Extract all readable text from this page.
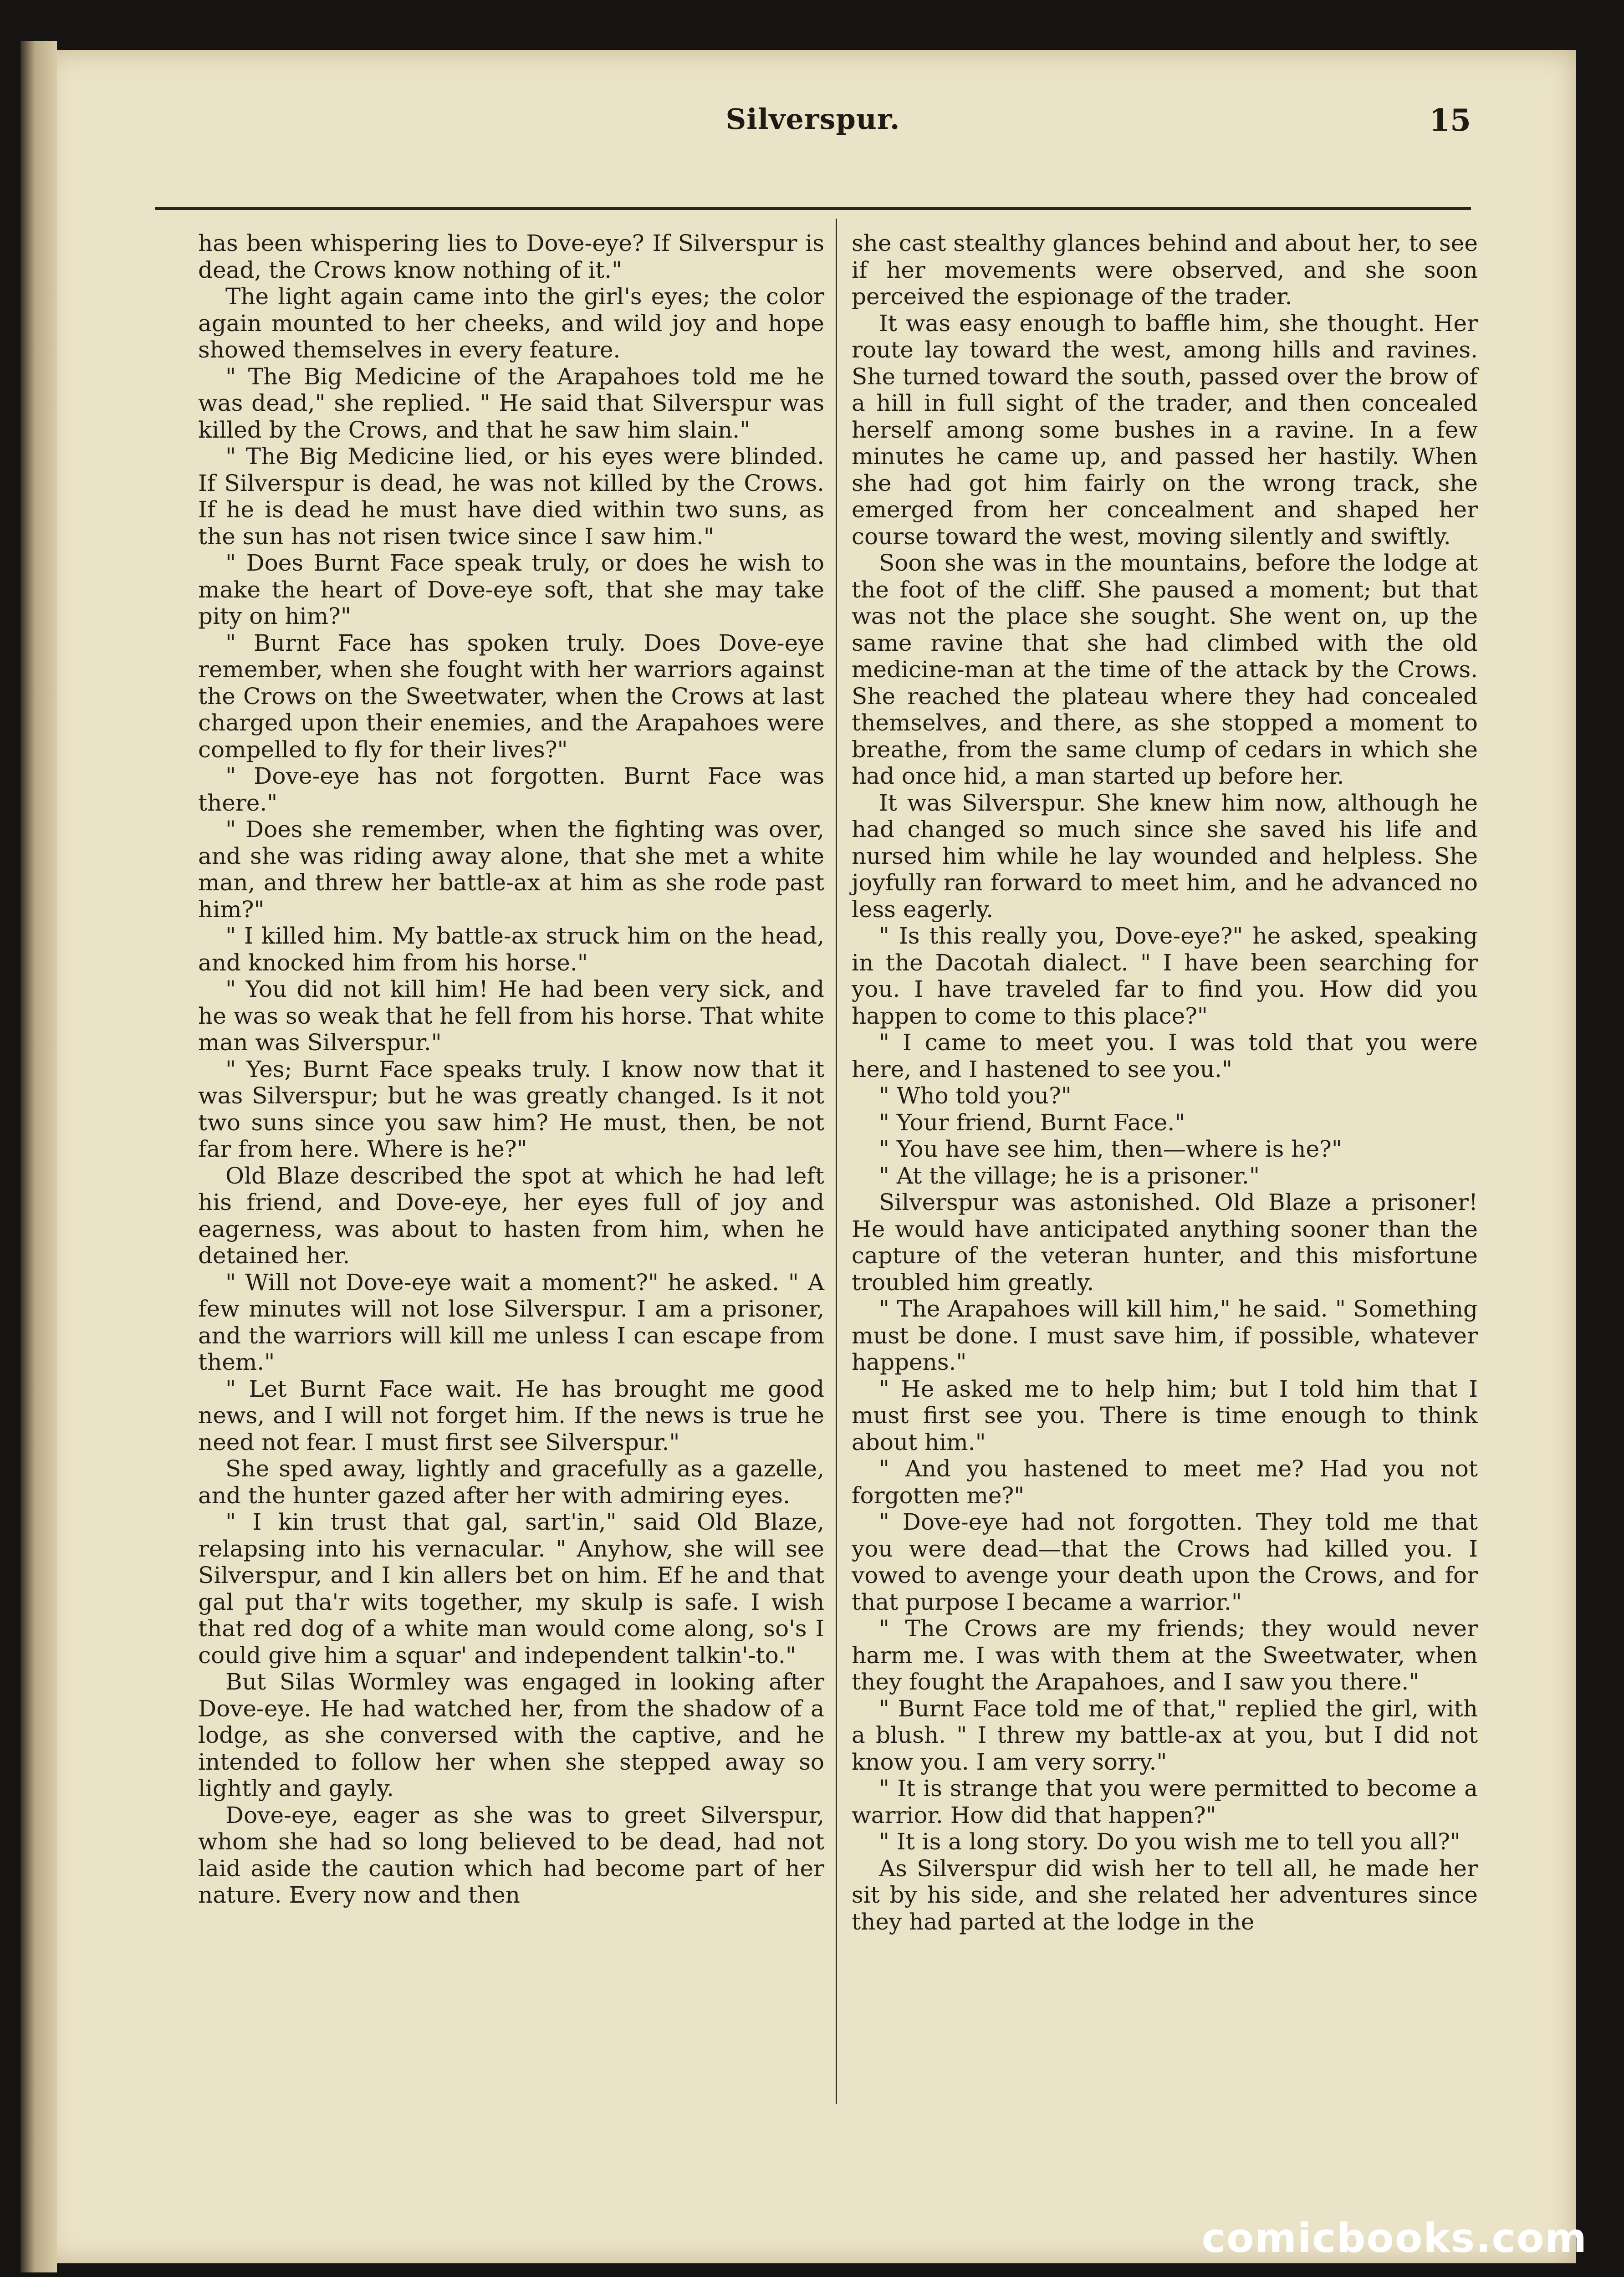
Silverspur.	15

has been whispering lies to Dove-eye? If Silverspur is dead, the Crows know nothing of it."

The light again came into the girl's eyes; the color again mounted to her cheeks, and wild joy and hope showed themselves in every feature.

" The Big Medicine of the Arapahoes told me he was dead," she replied. " He said that Silverspur was killed by the Crows, and that he saw him slain."

" The Big Medicine lied, or his eyes were blinded. If Silverspur is dead, he was not killed by the Crows. If he is dead he must have died within two suns, as the sun has not risen twice since I saw him."

" Does Burnt Face speak truly, or does he wish to make the heart of Dove-eye soft, that she may take pity on him?"

" Burnt Face has spoken truly. Does Dove-eye remember, when she fought with her warriors against the Crows on the Sweetwater, when the Crows at last charged upon their enemies, and the Arapahoes were compelled to fly for their lives?"

" Dove-eye has not forgotten. Burnt Face was there."

" Does she remember, when the fighting was over, and she was riding away alone, that she met a white man, and threw her battle-ax at him as she rode past him?"

" I killed him. My battle-ax struck him on the head, and knocked him from his horse."

" You did not kill him! He had been very sick, and he was so weak that he fell from his horse. That white man was Silverspur."

" Yes; Burnt Face speaks truly. I know now that it was Silverspur; but he was greatly changed. Is it not two suns since you saw him? He must, then, be not far from here. Where is he?"

Old Blaze described the spot at which he had left his friend, and Dove-eye, her eyes full of joy and eagerness, was about to hasten from him, when he detained her.

" Will not Dove-eye wait a moment?" he asked. " A few minutes will not lose Silverspur. I am a prisoner, and the warriors will kill me unless I can escape from them."

" Let Burnt Face wait. He has brought me good news, and I will not forget him. If the news is true he need not fear. I must first see Silverspur."

She sped away, lightly and gracefully as a gazelle, and the hunter gazed after her with admiring eyes.

" I kin trust that gal, sart'in," said Old Blaze, relapsing into his vernacular. " Anyhow, she will see Silverspur, and I kin allers bet on him. Ef he and that gal put tha'r wits together, my skulp is safe. I wish that red dog of a white man would come along, so's I could give him a squar' and independent talkin'-to."

But Silas Wormley was engaged in looking after Dove-eye. He had watched her, from the shadow of a lodge, as she conversed with the captive, and he intended to follow her when she stepped away so lightly and gayly.

Dove-eye, eager as she was to greet Silverspur, whom she had so long believed to be dead, had not laid aside the caution which had become part of her nature. Every now and then

she cast stealthy glances behind and about her, to see if her movements were observed, and she soon perceived the espionage of the trader.

It was easy enough to baffle him, she thought. Her route lay toward the west, among hills and ravines. She turned toward the south, passed over the brow of a hill in full sight of the trader, and then concealed herself among some bushes in a ravine. In a few minutes he came up, and passed her hastily. When she had got him fairly on the wrong track, she emerged from her concealment and shaped her course toward the west, moving silently and swiftly.

Soon she was in the mountains, before the lodge at the foot of the cliff. She paused a moment; but that was not the place she sought. She went on, up the same ravine that she had climbed with the old medicine-man at the time of the attack by the Crows. She reached the plateau where they had concealed themselves, and there, as she stopped a moment to breathe, from the same clump of cedars in which she had once hid, a man started up before her.

It was Silverspur. She knew him now, although he had changed so much since she saved his life and nursed him while he lay wounded and helpless. She joyfully ran forward to meet him, and he advanced no less eagerly.

" Is this really you, Dove-eye?" he asked, speaking in the Dacotah dialect. " I have been searching for you. I have traveled far to find you. How did you happen to come to this place?"

" I came to meet you. I was told that you were here, and I hastened to see you."

" Who told you?"

" Your friend, Burnt Face."

" You have see him, then—where is he?"

" At the village; he is a prisoner."

Silverspur was astonished. Old Blaze a prisoner! He would have anticipated anything sooner than the capture of the veteran hunter, and this misfortune troubled him greatly.

" The Arapahoes will kill him," he said. " Something must be done. I must save him, if possible, whatever happens."

" He asked me to help him; but I told him that I must first see you. There is time enough to think about him."

" And you hastened to meet me? Had you not forgotten me?"

" Dove-eye had not forgotten. They told me that you were dead—that the Crows had killed you. I vowed to avenge your death upon the Crows, and for that purpose I became a warrior."

" The Crows are my friends; they would never harm me. I was with them at the Sweetwater, when they fought the Arapahoes, and I saw you there."

" Burnt Face told me of that," replied the girl, with a blush. " I threw my battle-ax at you, but I did not know you. I am very sorry."

" It is strange that you were permitted to become a warrior. How did that happen?"

" It is a long story. Do you wish me to tell you all?"

As Silverspur did wish her to tell all, he made her sit by his side, and she related her adventures since they had parted at the lodge in the

comicbooks.com
